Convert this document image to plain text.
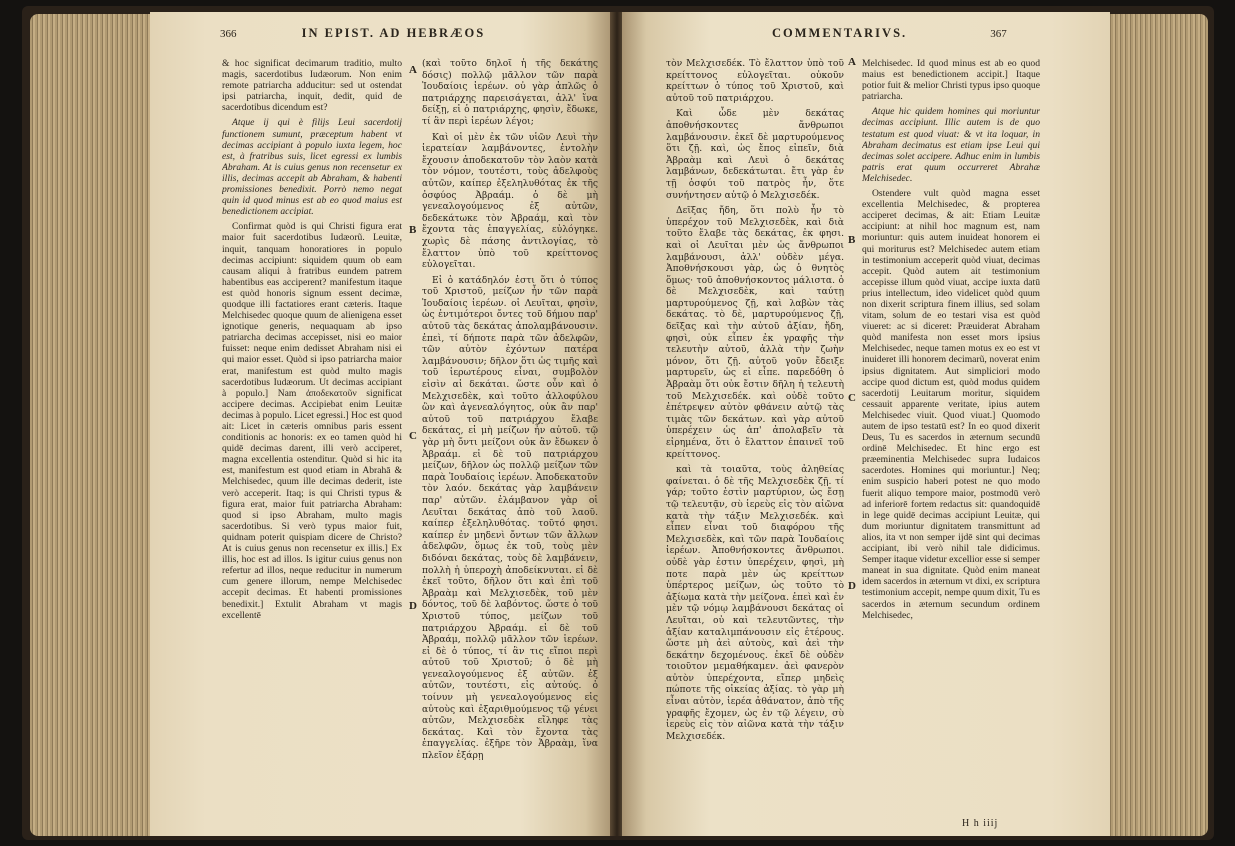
366	IN EPIST. AD HEBRÆOS

& hoc significat decimarum traditio, multo magis, sacerdotibus Iudæorum. Non enim remote patriarcha adducitur: sed ut ostendat ipsi patriarcha, inquit, dedit, quid de sacerdotibus dicendum est?

Atque ij qui è filijs Leui sacerdotij functionem sumunt, præceptum habent vt decimas accipiant à populo iuxta legem, hoc est, à fratribus suis, licet egressi ex lumbis Abraham. At is cuius genus non recensetur ex illis, decimas accepit ab Abraham, & habenti promissiones benedixit. Porrò nemo negat quin id quod minus est ab eo quod maius est benedictionem accipiat.

Confirmat quòd is qui Christi figura erat maior fuit sacerdotibus Iudæorũ. Leuitæ, inquit, tanquam honoratiores in populo decimas accipiunt: siquidem quum ob eam causam aliqui à fratribus eundem patrem habentibus eas acciperent? manifestum itaque est quòd honoris signum essent decimæ, quodque illi factatiores erant cæteris. Itaque Melchisedec quoque quum de alienigena esset ignotique generis, nequaquam ab ipso patriarcha decimas accepisset, nisi eo maior fuisset: neque enim dedisset Abraham nisi ei qui maior esset. Quòd si ipso patriarcha maior erat, manifestum est quòd multo magis sacerdotibus Iudæorum. Ut decimas accipiant à populo.] Nam ἀποδεκατοῦν significat accipere decimas. Accipiebat enim Leuitæ decimas à populo. Licet egressi.] Hoc est quod ait: Licet in cæteris omnibus paris essent conditionis ac honoris: ex eo tamen quòd hi quidē decimas darent, illi verò acciperet, magna excellentia ostenditur. Quòd si hic ita est, manifestum est quod etiam in Abrahā & Melchisedec, quum ille decimas dederit, iste verò acceperit. Itaq; is qui Christi typus & figura erat, maior fuit patriarcha Abraham: quod si ipso Abraham, multo magis sacerdotibus. Si verò typus maior fuit, quidnam poterit quispiam dicere de Christo? At is cuius genus non recensetur ex illis.] Ex illis, hoc est ad illos. Is igitur cuius genus non refertur ad illos, neque reducitur in numerum cum genere illorum, nempe Melchisedec accepit decimas. Et habenti promissiones benedixit.] Extulit Abraham vt magis excellentē

A
B
C
D

(καὶ τοῦτο δηλοῖ ἡ τῆς δεκάτης δόσις) πολλῷ μᾶλλον τῶν παρὰ Ἰουδαίοις ἱερέων. οὐ γὰρ ἁπλῶς ὁ πατριάρχης παρεισάγεται, ἀλλ' ἵνα δείξῃ, εἰ ὁ πατριάρχης, φησὶν, ἔδωκε, τί ἂν περὶ ἱερέων λέγοι;

Καὶ οἱ μὲν ἐκ τῶν υἱῶν Λευὶ τὴν ἱερατείαν λαμβάνοντες, ἐντολὴν ἔχουσιν ἀποδεκατοῦν τὸν λαὸν κατὰ τὸν νόμον, τουτέστι, τοὺς ἀδελφοὺς αὐτῶν, καίπερ ἐξεληλυθότας ἐκ τῆς ὀσφύος Ἀβραάμ. ὁ δὲ μὴ γενεαλογούμενος ἐξ αὐτῶν, δεδεκάτωκε τὸν Ἀβραάμ, καὶ τὸν ἔχοντα τὰς ἐπαγγελίας, εὐλόγηκε. χωρὶς δὲ πάσης ἀντιλογίας, τὸ ἔλαττον ὑπὸ τοῦ κρείττονος εὐλογεῖται.

Εἰ ὁ κατάδηλόν ἐστι ὅτι ὁ τύπος τοῦ Χριστοῦ, μείζων ἦν τῶν παρὰ Ἰουδαίοις ἱερέων. οἱ Λευῖται, φησὶν, ὡς ἐντιμότεροι ὄντες τοῦ δήμου παρ' αὐτοῦ τὰς δεκάτας ἀπολαμβάνουσιν. ἐπεὶ, τί δήποτε παρὰ τῶν ἀδελφῶν, τῶν αὐτὸν ἐχόντων πατέρα λαμβάνουσιν; δῆλον ὅτι ὡς τιμῆς καὶ τοῦ ἱερωτέρους εἶναι, συμβολὸν εἰσὶν αἱ δεκάται. ὥστε οὖν καὶ ὁ Μελχισεδὲκ, καὶ τοῦτο ἀλλοφύλου ὢν καὶ ἀγενεαλόγητος, οὐκ ἂν παρ' αὐτοῦ τοῦ πατριάρχου ἔλαβε δεκάτας, εἰ μὴ μείζων ἦν αὐτοῦ. τῷ γὰρ μὴ ὄντι μείζονι οὐκ ἂν ἔδωκεν ὁ Ἀβραάμ. εἰ δὲ τοῦ πατριάρχου μείζων, δῆλον ὡς πολλῷ μείζων τῶν παρὰ Ἰουδαίοις ἱερέων. Ἀποδεκατοῦν τὸν λαόν. δεκάτας γὰρ λαμβάνειν παρ' αὐτῶν. ἐλάμβανον γὰρ οἱ Λευῖται δεκάτας ἀπὸ τοῦ λαοῦ. καίπερ ἐξεληλυθότας. τοῦτό φησι. καίπερ ἐν μηδενὶ ὄντων τῶν ἄλλων ἀδελφῶν, ὅμως ἐκ τοῦ, τοὺς μὲν διδόναι δεκάτας, τοὺς δὲ λαμβάνειν, πολλὴ ἡ ὑπεροχὴ ἀποδείκνυται. εἰ δὲ ἐκεῖ τοῦτο, δῆλον ὅτι καὶ ἐπὶ τοῦ Ἀβραὰμ καὶ Μελχισεδὲκ, τοῦ μὲν δόντος, τοῦ δὲ λαβόντος. ὥστε ὁ τοῦ Χριστοῦ τύπος, μείζων τοῦ πατριάρχου Ἀβραάμ. εἰ δὲ τοῦ Ἀβραάμ, πολλῷ μᾶλλον τῶν ἱερέων. εἰ δὲ ὁ τύπος, τί ἂν τις εἴποι περὶ αὐτοῦ τοῦ Χριστοῦ; ὁ δὲ μὴ γενεαλογούμενος ἐξ αὐτῶν. ἐξ αὐτῶν, τουτέστι, εἰς αὐτούς. ὁ τοίνυν μὴ γενεαλογούμενος εἰς αὐτοὺς καὶ ἐξαριθμούμενος τῷ γένει αὐτῶν, Μελχισεδὲκ εἴληφε τὰς δεκάτας. Καὶ τὸν ἔχοντα τὰς ἐπαγγελίας. ἐξῆρε τὸν Ἀβραὰμ, ἵνα πλεῖον ἐξάρῃ

COMMENTARIVS.	367

τὸν Μελχισεδέκ. Τὸ ἔλαττον ὑπὸ τοῦ κρείττονος εὐλογεῖται. οὐκοῦν κρείττων ὁ τύπος τοῦ Χριστοῦ, καὶ αὐτοῦ τοῦ πατριάρχου.

Καὶ ὧδε μὲν δεκάτας ἀποθνήσκοντες ἄνθρωποι λαμβάνουσιν. ἐκεῖ δὲ μαρτυρούμενος ὅτι ζῇ. καὶ, ὡς ἔπος εἰπεῖν, διὰ Ἀβραὰμ καὶ Λευὶ ὁ δεκάτας λαμβάνων, δεδεκάτωται. ἔτι γὰρ ἐν τῇ ὀσφύι τοῦ πατρὸς ἦν, ὅτε συνήντησεν αὐτῷ ὁ Μελχισεδέκ.

Δεῖξας ἤδη, ὅτι πολὺ ἦν τὸ ὑπερέχον τοῦ Μελχισεδὲκ, καὶ διὰ τοῦτο ἔλαβε τὰς δεκάτας, ἐκ φησι. καὶ οἱ Λευῖται μὲν ὡς ἄνθρωποι λαμβάνουσι, ἀλλ' οὐδὲν μέγα. Ἀποθνήσκουσι γὰρ, ὡς ὁ θνητὸς ὅμως· τοῦ ἀποθνήσκοντος μάλιστα. ὁ δὲ Μελχισεδὲκ, καὶ ταύτῃ μαρτυρούμενος ζῇ, καὶ λαβὼν τὰς δεκάτας. τὸ δὲ, μαρτυρούμενος ζῇ, δεῖξας καὶ τὴν αὐτοῦ ἀξίαν, ἤδη, φησὶ, οὐκ εἶπεν ἐκ γραφῆς τὴν τελευτὴν αὐτοῦ, ἀλλὰ τὴν ζωὴν μόνον, ὅτι ζῇ. αὐτοῦ γοῦν ἔδειξε μαρτυρεῖν, ὡς εἰ εἶπε. παρεδόθη ὁ Ἀβραὰμ ὅτι οὐκ ἔστιν δῆλη ἡ τελευτὴ τοῦ Μελχισεδέκ. καὶ οὐδὲ τοῦτο ἐπέτρεψεν αὐτὸν φθάνειν αὐτῷ τὰς τιμὰς τῶν δεκάτων. καὶ γὰρ αὐτοῦ ὑπερέχειν ὡς ἀπ' ἀπολαβεῖν τὰ εἰρημένα, ὅτι ὁ ἔλαττον ἐπαινεῖ τοῦ κρείττονος.

καὶ τὰ τοιαῦτα, τοὺς ἀληθείας φαίνεται. ὁ δὲ τῆς Μελχισεδὲκ ζῇ. τί γάρ; τοῦτο ἐστὶν μαρτύριον, ὡς ἔσῃ τῷ τελευτᾷν, σὺ ἱερεὺς εἰς τὸν αἰῶνα κατὰ τὴν τάξιν Μελχισεδέκ. καὶ εἶπεν εἶναι τοῦ διαφόρου τῆς Μελχισεδὲκ, καὶ τῶν παρὰ Ἰουδαίοις ἱερέων. Ἀποθνήσκοντες ἄνθρωποι. οὐδὲ γὰρ ἐστιν ὑπερέχειν, φησὶ, μὴ ποτε παρὰ μὲν ὡς κρείττων ὑπέρτερος μείζων, ὡς τοῦτο τὸ ἀξίωμα κατὰ τὴν μείζονα. ἐπεὶ καὶ ἐν μὲν τῷ νόμῳ λαμβάνουσι δεκάτας οἱ Λευῖται, οὐ καὶ τελευτῶντες, τὴν ἀξίαν καταλιμπάνουσιν εἰς ἑτέρους. ὥστε μὴ ἀεὶ αὐτοὺς, καὶ ἀεὶ τὴν δεκάτην δεχομένους. ἐκεῖ δὲ οὐδὲν τοιοῦτον μεμαθήκαμεν. ἀεὶ φανερὸν αὐτὸν ὑπερέχοντα, εἴπερ μηδεὶς πώποτε τῆς οἰκείας ἀξίας. τὸ γὰρ μὴ εἶναι αὐτὸν, ἱερέα ἀθάνατον, ἀπὸ τῆς γραφῆς ἔχομεν, ὡς ἐν τῷ λέγειν, σὺ ἱερεὺς εἰς τὸν αἰῶνα κατὰ τὴν τάξιν Μελχισεδέκ.

A
B
C
D

Melchisedec. Id quod minus est ab eo quod maius est benedictionem accipit.] Itaque potior fuit & melior Christi typus ipso quoque patriarcha.

Atque hic quidem homines qui moriuntur decimas accipiunt. Illic autem is de quo testatum est quod viuat: & vt ita loquar, in Abraham decimatus est etiam ipse Leui qui decimas solet accipere. Adhuc enim in lumbis patris erat quum occurreret Abrahæ Melchisedec.

Ostendere vult quòd magna esset excellentia Melchisedec, & propterea acciperet decimas, & ait: Etiam Leuitæ accipiunt: at nihil hoc magnum est, nam moriuntur: quis autem inuideat honorem ei qui moriturus est? Melchisedec autem etiam in testimonium acceperit quòd viuat, decimas accepit. Quòd autem ait testimonium accepisse illum quòd viuat, accipe iuxta datū prius intellectum, ideo videlicet quòd quum non dixerit scriptura finem illius, sed solam vitam, solum de eo testari visa est quòd viueret: ac si diceret: Præuiderat Abraham quòd manifesta non esset mors ipsius Melchisedec, neque tamen motus ex eo est vt inuideret illi honorem decimarũ, noverat enim ipsius dignitatem. Aut simpliciori modo accipe quod dictum est, quòd modus quidem sacerdotij Leuitarum moritur, siquidem cessauit apparente veritate, ipius autem Melchisedec viuit. Quod viuat.] Quomodo autem de ipso testatū est? In eo quod dixerit Deus, Tu es sacerdos in æternum secundū ordinē Melchisedec. Et hinc ergo est præeminentia Melchisedec supra Iudaicos sacerdotes. Homines qui moriuntur.] Neq; enim suspicio haberi potest ne quo modo fuerit aliquo tempore maior, postmodū verò ad inferiorē fortem redactus sit: quandoquidē in lege quidē decimas accipiunt Leuitæ, qui dum moriuntur dignitatem transmittunt ad alios, ita vt non semper ijdē sint qui decimas accipiant, ibi verò nihil tale didicimus. Semper itaque videtur excellior esse si semper maneat in sua dignitate. Quòd enim maneat idem sacerdos in æternum vt dixi, ex scriptura testimonium accepit, nempe quum dixit, Tu es sacerdos in æternum secundum ordinem Melchisedec,

H h iiij
